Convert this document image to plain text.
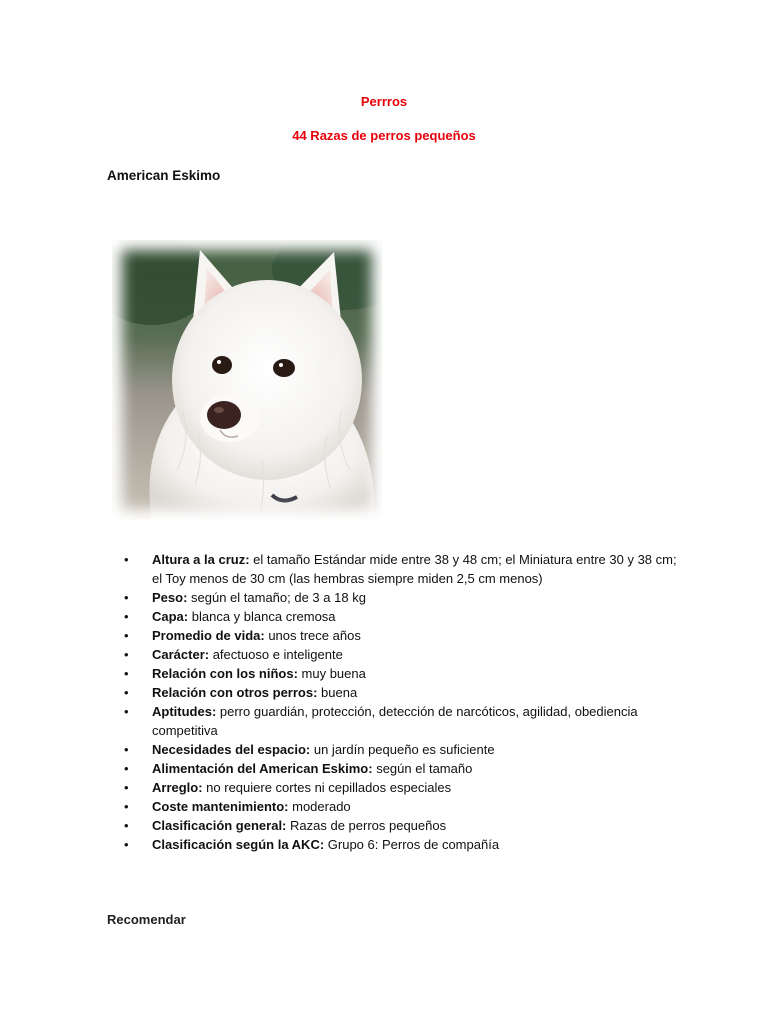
Perrros
44 Razas de perros pequeños
American Eskimo
• Altura a la cruz: el tamaño Estándar mide entre 38 y 48 cm; el Miniatura entre 30 y 38 cm; el Toy menos de 30 cm (las hembras siempre miden 2,5 cm menos)
• Peso: según el tamaño; de 3 a 18 kg
• Capa: blanca y blanca cremosa
• Promedio de vida: unos trece años
• Carácter: afectuoso e inteligente
• Relación con los niños: muy buena
• Relación con otros perros: buena
• Aptitudes: perro guardián, protección, detección de narcóticos, agilidad, obediencia competitiva
• Necesidades del espacio: un jardín pequeño es suficiente
• Alimentación del American Eskimo: según el tamaño
• Arreglo: no requiere cortes ni cepillados especiales
• Coste mantenimiento: moderado
• Clasificación general: Razas de perros pequeños
• Clasificación según la AKC: Grupo 6: Perros de compañía
Recomendar
